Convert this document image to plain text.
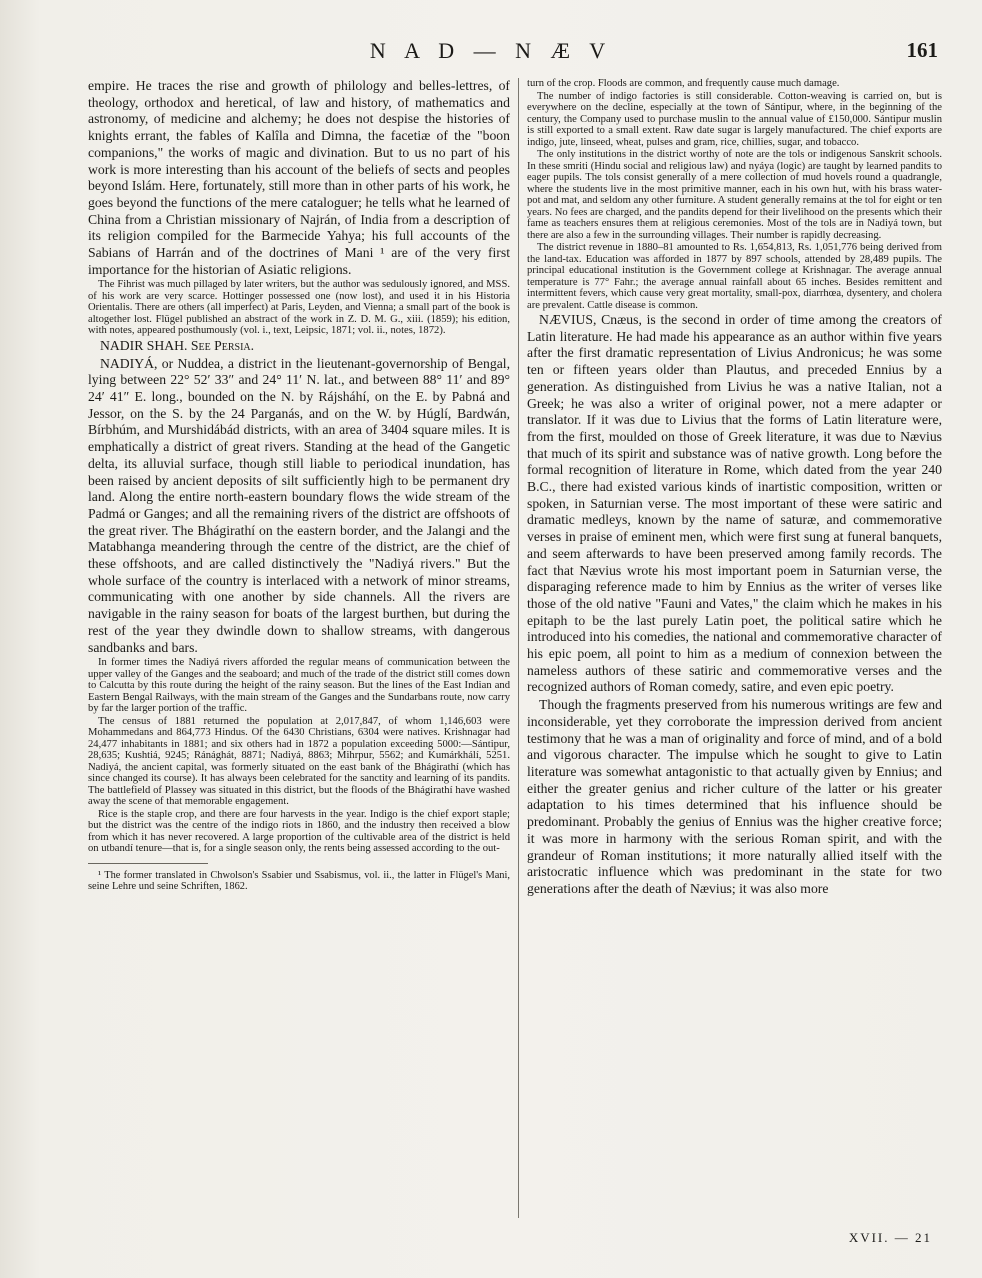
N A D — N Æ V	161

empire. He traces the rise and growth of philology and belles-lettres, of theology, orthodox and heretical, of law and history, of mathematics and astronomy, of medicine and alchemy; he does not despise the histories of knights errant, the fables of Kalîla and Dimna, the facetiæ of the "boon companions," the works of magic and divination. But to us no part of his work is more interesting than his account of the beliefs of sects and peoples beyond Islám. Here, fortunately, still more than in other parts of his work, he goes beyond the functions of the mere cataloguer; he tells what he learned of China from a Christian missionary of Najrán, of India from a description of its religion compiled for the Barmecide Yahya; his full accounts of the Sabians of Harrán and of the doctrines of Mani ¹ are of the very first importance for the historian of Asiatic religions.

The Fihrist was much pillaged by later writers, but the author was sedulously ignored, and MSS. of his work are very scarce. Hottinger possessed one (now lost), and used it in his Historia Orientalis. There are others (all imperfect) at Paris, Leyden, and Vienna; a small part of the book is altogether lost. Flügel published an abstract of the work in Z. D. M. G., xiii. (1859); his edition, with notes, appeared posthumously (vol. i., text, Leipsic, 1871; vol. ii., notes, 1872).

NADIR SHAH. See Persia.

NADIYÁ, or Nuddea, a district in the lieutenant-governorship of Bengal, lying between 22° 52′ 33″ and 24° 11′ N. lat., and between 88° 11′ and 89° 24′ 41″ E. long., bounded on the N. by Rájsháhí, on the E. by Pabná and Jessor, on the S. by the 24 Parganás, and on the W. by Húglí, Bardwán, Bírbhúm, and Murshidábád districts, with an area of 3404 square miles. It is emphatically a district of great rivers. Standing at the head of the Gangetic delta, its alluvial surface, though still liable to periodical inundation, has been raised by ancient deposits of silt sufficiently high to be permanent dry land. Along the entire north-eastern boundary flows the wide stream of the Padmá or Ganges; and all the remaining rivers of the district are offshoots of the great river. The Bhágirathí on the eastern border, and the Jalangi and the Matabhanga meandering through the centre of the district, are the chief of these offshoots, and are called distinctively the "Nadiyá rivers." But the whole surface of the country is interlaced with a network of minor streams, communicating with one another by side channels. All the rivers are navigable in the rainy season for boats of the largest burthen, but during the rest of the year they dwindle down to shallow streams, with dangerous sandbanks and bars.

In former times the Nadiyá rivers afforded the regular means of communication between the upper valley of the Ganges and the seaboard; and much of the trade of the district still comes down to Calcutta by this route during the height of the rainy season. But the lines of the East Indian and Eastern Bengal Railways, with the main stream of the Ganges and the Sundarbans route, now carry by far the larger portion of the traffic.

The census of 1881 returned the population at 2,017,847, of whom 1,146,603 were Mohammedans and 864,773 Hindus. Of the 6430 Christians, 6304 were natives. Krishnagar had 24,477 inhabitants in 1881; and six others had in 1872 a population exceeding 5000:—Sántipur, 28,635; Kushtiá, 9245; Ránághát, 8871; Nadiyá, 8863; Mihrpur, 5562; and Kumárkhálí, 5251. Nadiyá, the ancient capital, was formerly situated on the east bank of the Bhágirathí (which has since changed its course). It has always been celebrated for the sanctity and learning of its pandits. The battlefield of Plassey was situated in this district, but the floods of the Bhágirathí have washed away the scene of that memorable engagement.

Rice is the staple crop, and there are four harvests in the year. Indigo is the chief export staple; but the district was the centre of the indigo riots in 1860, and the industry then received a blow from which it has never recovered. A large proportion of the cultivable area of the district is held on utbandí tenure—that is, for a single season only, the rents being assessed according to the out-

¹ The former translated in Chwolson's Ssabier und Ssabismus, vol. ii., the latter in Flügel's Mani, seine Lehre und seine Schriften, 1862.

turn of the crop. Floods are common, and frequently cause much damage.

The number of indigo factories is still considerable. Cotton-weaving is carried on, but is everywhere on the decline, especially at the town of Sántipur, where, in the beginning of the century, the Company used to purchase muslin to the annual value of £150,000. Sántipur muslin is still exported to a small extent. Raw date sugar is largely manufactured. The chief exports are indigo, jute, linseed, wheat, pulses and gram, rice, chillies, sugar, and tobacco.

The only institutions in the district worthy of note are the tols or indigenous Sanskrit schools. In these smriti (Hindu social and religious law) and nyáya (logic) are taught by learned pandits to eager pupils. The tols consist generally of a mere collection of mud hovels round a quadrangle, where the students live in the most primitive manner, each in his own hut, with his brass water-pot and mat, and seldom any other furniture. A student generally remains at the tol for eight or ten years. No fees are charged, and the pandits depend for their livelihood on the presents which their fame as teachers ensures them at religious ceremonies. Most of the tols are in Nadiyá town, but there are also a few in the surrounding villages. Their number is rapidly decreasing.

The district revenue in 1880–81 amounted to Rs. 1,654,813, Rs. 1,051,776 being derived from the land-tax. Education was afforded in 1877 by 897 schools, attended by 28,489 pupils. The principal educational institution is the Government college at Krishnagar. The average annual temperature is 77° Fahr.; the average annual rainfall about 65 inches. Besides remittent and intermittent fevers, which cause very great mortality, small-pox, diarrhœa, dysentery, and cholera are prevalent. Cattle disease is common.

NÆVIUS, Cnæus, is the second in order of time among the creators of Latin literature. He had made his appearance as an author within five years after the first dramatic representation of Livius Andronicus; he was some ten or fifteen years older than Plautus, and preceded Ennius by a generation. As distinguished from Livius he was a native Italian, not a Greek; he was also a writer of original power, not a mere adapter or translator. If it was due to Livius that the forms of Latin literature were, from the first, moulded on those of Greek literature, it was due to Nævius that much of its spirit and substance was of native growth. Long before the formal recognition of literature in Rome, which dated from the year 240 B.C., there had existed various kinds of inartistic composition, written or spoken, in Saturnian verse. The most important of these were satiric and dramatic medleys, known by the name of saturæ, and commemorative verses in praise of eminent men, which were first sung at funeral banquets, and seem afterwards to have been preserved among family records. The fact that Nævius wrote his most important poem in Saturnian verse, the disparaging reference made to him by Ennius as the writer of verses like those of the old native "Fauni and Vates," the claim which he makes in his epitaph to be the last purely Latin poet, the political satire which he introduced into his comedies, the national and commemorative character of his epic poem, all point to him as a medium of connexion between the nameless authors of these satiric and commemorative verses and the recognized authors of Roman comedy, satire, and even epic poetry.

Though the fragments preserved from his numerous writings are few and inconsiderable, yet they corroborate the impression derived from ancient testimony that he was a man of originality and force of mind, and of a bold and vigorous character. The impulse which he sought to give to Latin literature was somewhat antagonistic to that actually given by Ennius; and either the greater genius and richer culture of the latter or his greater adaptation to his times determined that his influence should be predominant. Probably the genius of Ennius was the higher creative force; it was more in harmony with the serious Roman spirit, and with the grandeur of Roman institutions; it more naturally allied itself with the aristocratic influence which was predominant in the state for two generations after the death of Nævius; it was also more

XVII. — 21
